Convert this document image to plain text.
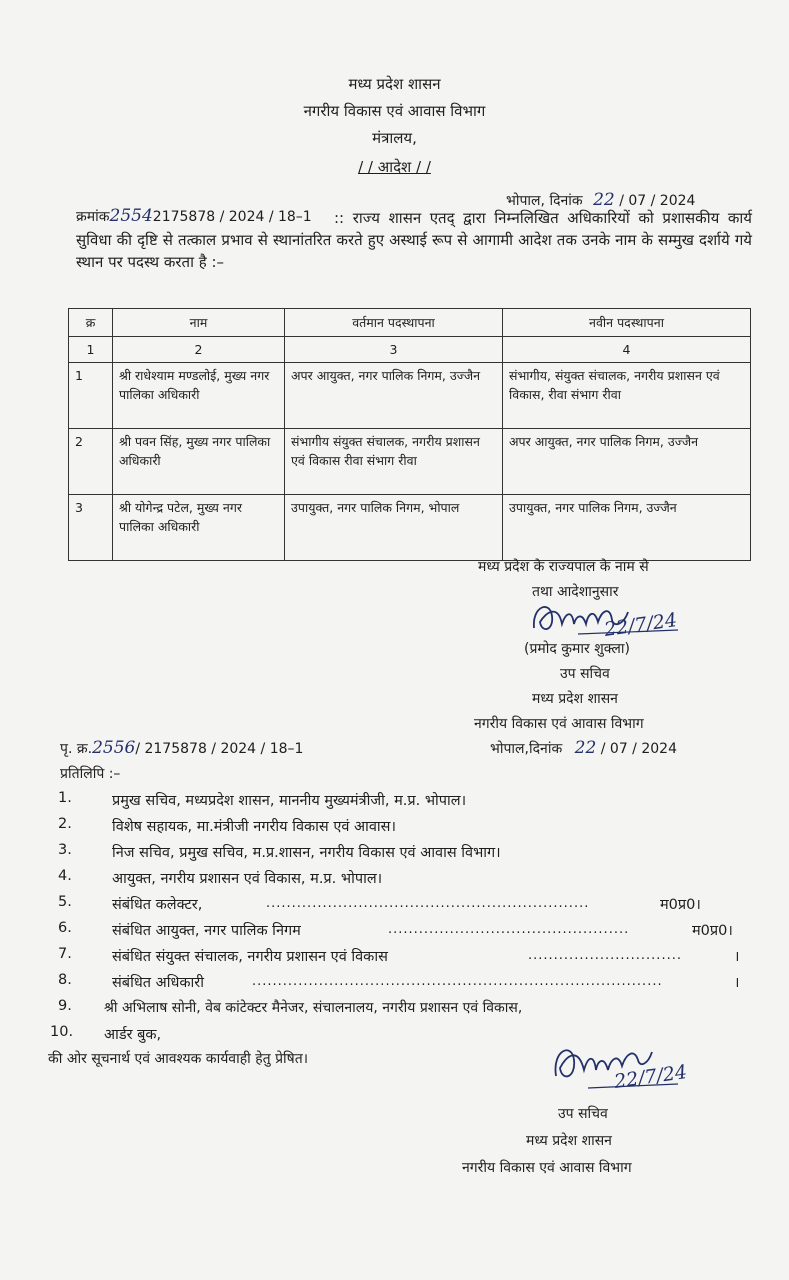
मध्य प्रदेश शासन
नगरीय विकास एवं आवास विभाग
मंत्रालय,
/ / आदेश / /
भोपाल, दिनांक 22 / 07 / 2024
क्रमांक25542175878 / 2024 / 18–1	:: राज्य शासन एतद् द्वारा निम्नलिखित अधिकारियों को प्रशासकीय कार्य सुविधा की दृष्टि से तत्काल प्रभाव से स्थानांतरित करते हुए अस्थाई रूप से आगामी आदेश तक उनके नाम के सम्मुख दर्शाये गये स्थान पर पदस्थ करता है :–
क्र	नाम	वर्तमान पदस्थापना	नवीन पदस्थापना
1	2	3	4
1	श्री राधेश्याम मण्डलोई, मुख्य नगर पालिका अधिकारी	अपर आयुक्त, नगर पालिक निगम, उज्जैन	संभागीय, संयुक्त संचालक, नगरीय प्रशासन एवं विकास, रीवा संभाग रीवा
2	श्री पवन सिंह, मुख्य नगर पालिका अधिकारी	संभागीय संयुक्त संचालक, नगरीय प्रशासन एवं विकास रीवा संभाग रीवा	अपर आयुक्त, नगर पालिक निगम, उज्जैन
3	श्री योगेन्द्र पटेल, मुख्य नगर पालिका अधिकारी	उपायुक्त, नगर पालिक निगम, भोपाल	उपायुक्त, नगर पालिक निगम, उज्जैन
मध्य प्रदेश के राज्यपाल के नाम से
तथा आदेशानुसार
22/7/24
(प्रमोद कुमार शुक्ला)
उप सचिव
मध्य प्रदेश शासन
नगरीय विकास एवं आवास विभाग
पृ. क्र.2556/ 2175878 / 2024 / 18–1	भोपाल,दिनांक 22 / 07 / 2024
प्रतिलिपि :–
1.	प्रमुख सचिव, मध्यप्रदेश शासन, माननीय मुख्यमंत्रीजी, म.प्र. भोपाल।
2.	विशेष सहायक, मा.मंत्रीजी नगरीय विकास एवं आवास।
3.	निज सचिव, प्रमुख सचिव, म.प्र.शासन, नगरीय विकास एवं आवास विभाग।
4.	आयुक्त, नगरीय प्रशासन एवं विकास, म.प्र. भोपाल।
5.	संबंधित कलेक्टर,	...............................................................	म0प्र0।
6.	संबंधित आयुक्त, नगर पालिक निगम	...............................................	म0प्र0।
7.	संबंधित संयुक्त संचालक, नगरीय प्रशासन एवं विकास	..............................	।
8.	संबंधित अधिकारी	................................................................................	।
9. श्री अभिलाष सोनी, वेब कांटेक्टर मैनेजर, संचालनालय, नगरीय प्रशासन एवं विकास,
10. आर्डर बुक,
की ओर सूचनार्थ एवं आवश्यक कार्यवाही हेतु प्रेषित।
22/7/24
उप सचिव
मध्य प्रदेश शासन
नगरीय विकास एवं आवास विभाग
